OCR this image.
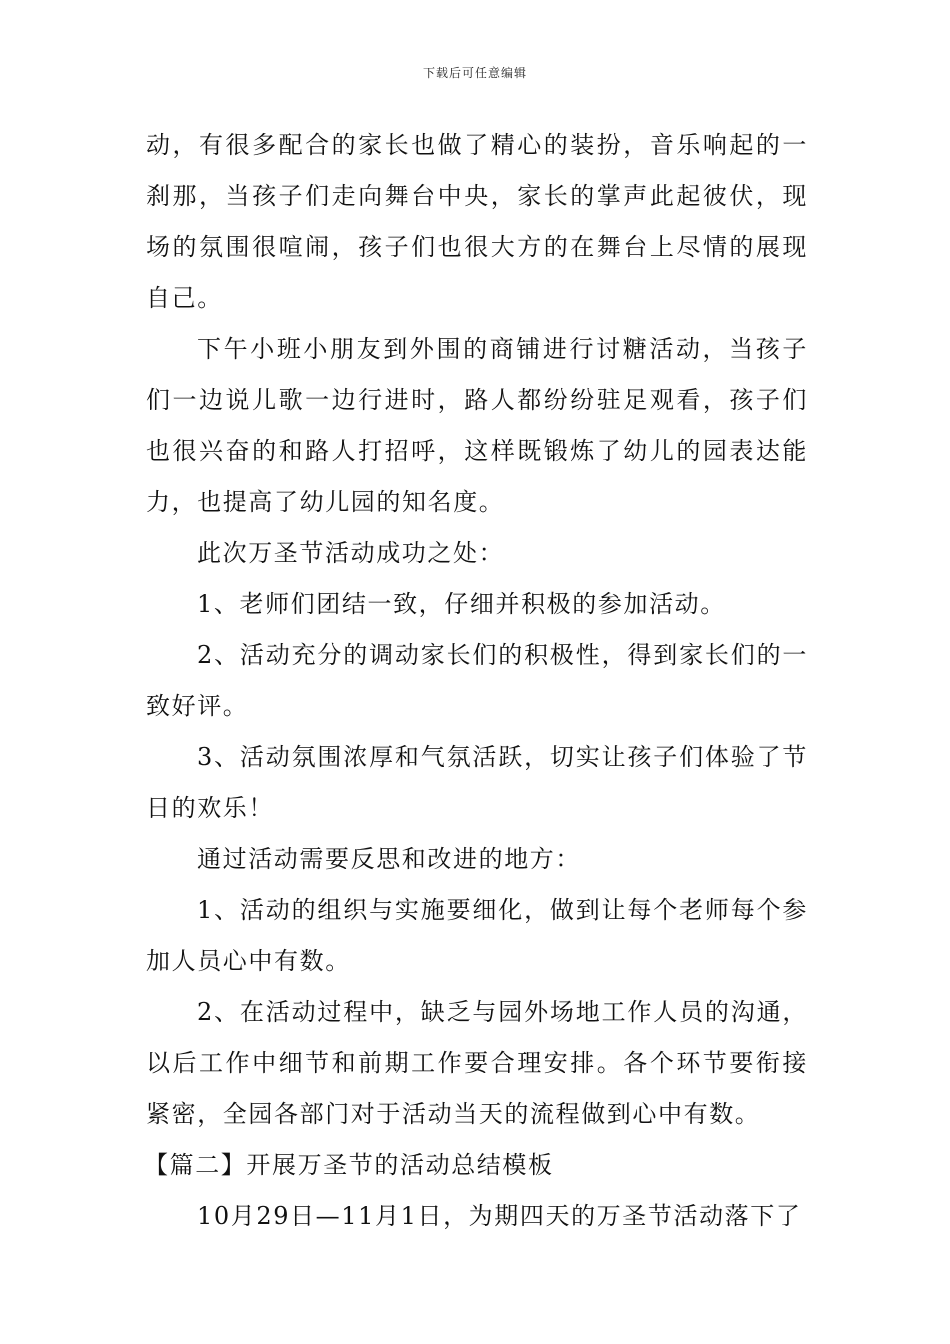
下载后可任意编辑

动，有很多配合的家长也做了精心的装扮，音乐响起的一刹那，当孩子们走向舞台中央，家长的掌声此起彼伏，现场的氛围很喧闹，孩子们也很大方的在舞台上尽情的展现自己。

下午小班小朋友到外围的商铺进行讨糖活动，当孩子们一边说儿歌一边行进时，路人都纷纷驻足观看，孩子们也很兴奋的和路人打招呼，这样既锻炼了幼儿的园表达能力，也提高了幼儿园的知名度。

此次万圣节活动成功之处：

1、老师们团结一致，仔细并积极的参加活动。

2、活动充分的调动家长们的积极性，得到家长们的一致好评。

3、活动氛围浓厚和气氛活跃，切实让孩子们体验了节日的欢乐！

通过活动需要反思和改进的地方：

1、活动的组织与实施要细化，做到让每个老师每个参加人员心中有数。

2、在活动过程中，缺乏与园外场地工作人员的沟通，以后工作中细节和前期工作要合理安排。各个环节要衔接紧密，全园各部门对于活动当天的流程做到心中有数。

【篇二】开展万圣节的活动总结模板

10月29日—11月1日，为期四天的万圣节活动落下了
